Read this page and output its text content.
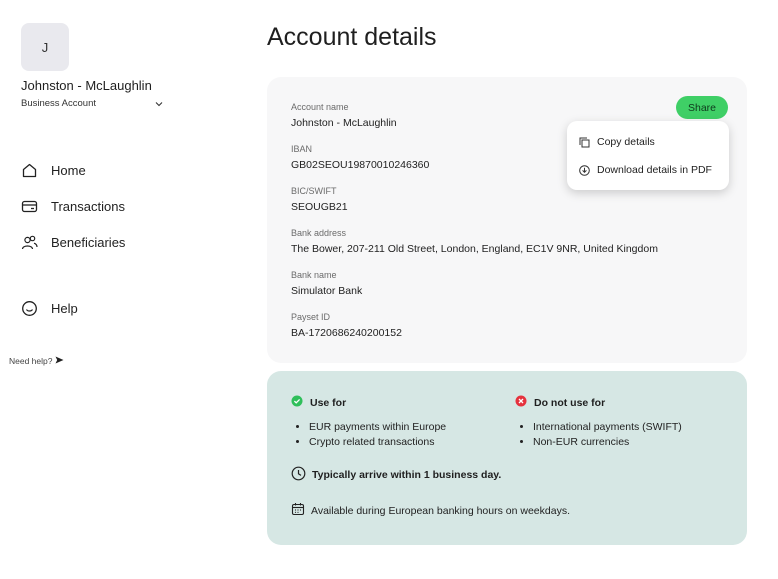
J
Johnston - McLaughlin
Business Account
Home
Transactions
Beneficiaries
Help
Need help?
Account details
Account name
Johnston - McLaughlin
IBAN
GB02SEOU19870010246360
BIC/SWIFT
SEOUGB21
Bank address
The Bower, 207-211 Old Street, London, England, EC1V 9NR, United Kingdom
Bank name
Simulator Bank
Payset ID
BA-1720686240200152
Share
Copy details
Download details in PDF
Use for
• EUR payments within Europe
• Crypto related transactions
Do not use for
• International payments (SWIFT)
• Non-EUR currencies
Typically arrive within 1 business day.
Available during European banking hours on weekdays.
